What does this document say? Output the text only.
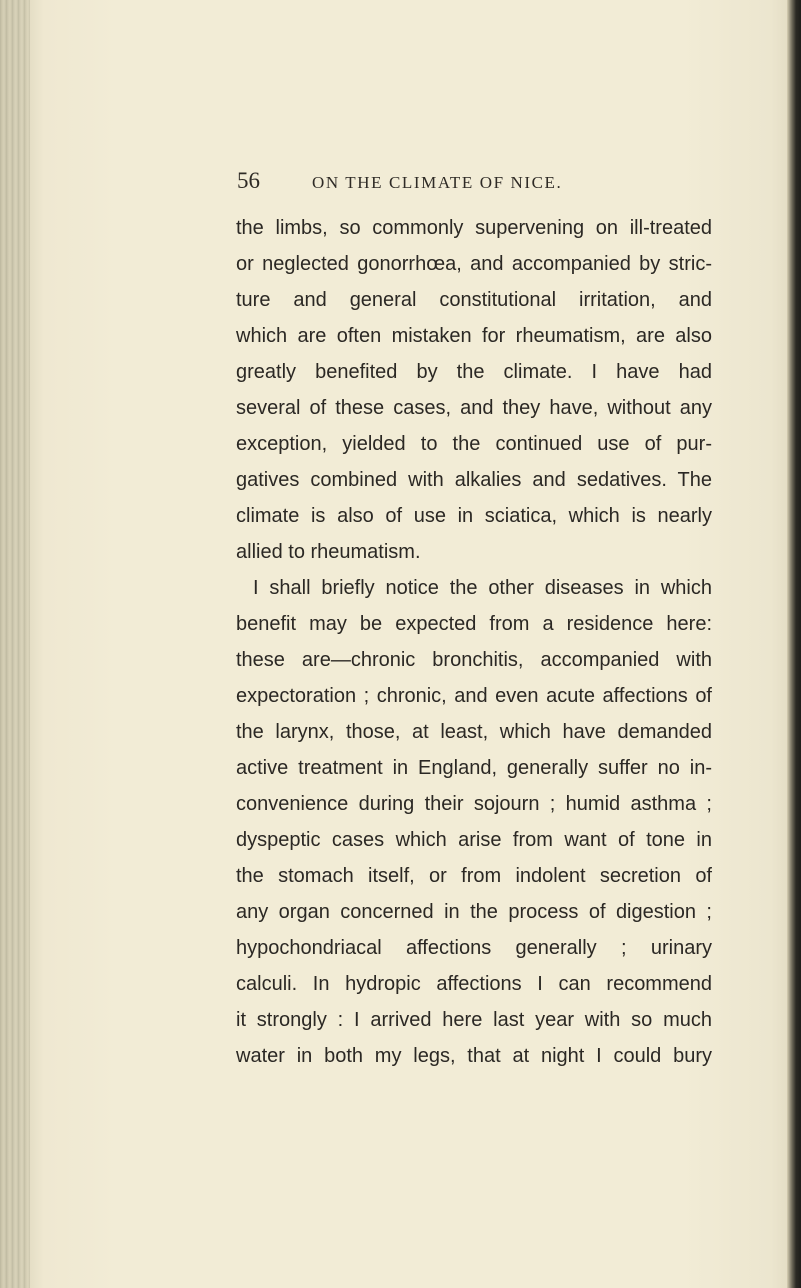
56	ON THE CLIMATE OF NICE.
the limbs, so commonly supervening on ill-treated
or neglected gonorrhœa, and accompanied by stric-
ture and general constitutional irritation, and
which are often mistaken for rheumatism, are also
greatly benefited by the climate. I have had
several of these cases, and they have, without any
exception, yielded to the continued use of pur-
gatives combined with alkalies and sedatives. The
climate is also of use in sciatica, which is nearly
allied to rheumatism.
I shall briefly notice the other diseases in which
benefit may be expected from a residence here:
these are—chronic bronchitis, accompanied with
expectoration ; chronic, and even acute affections of
the larynx, those, at least, which have demanded
active treatment in England, generally suffer no in-
convenience during their sojourn ; humid asthma ;
dyspeptic cases which arise from want of tone in
the stomach itself, or from indolent secretion of
any organ concerned in the process of digestion ;
hypochondriacal affections generally ; urinary
calculi. In hydropic affections I can recommend
it strongly : I arrived here last year with so much
water in both my legs, that at night I could bury
